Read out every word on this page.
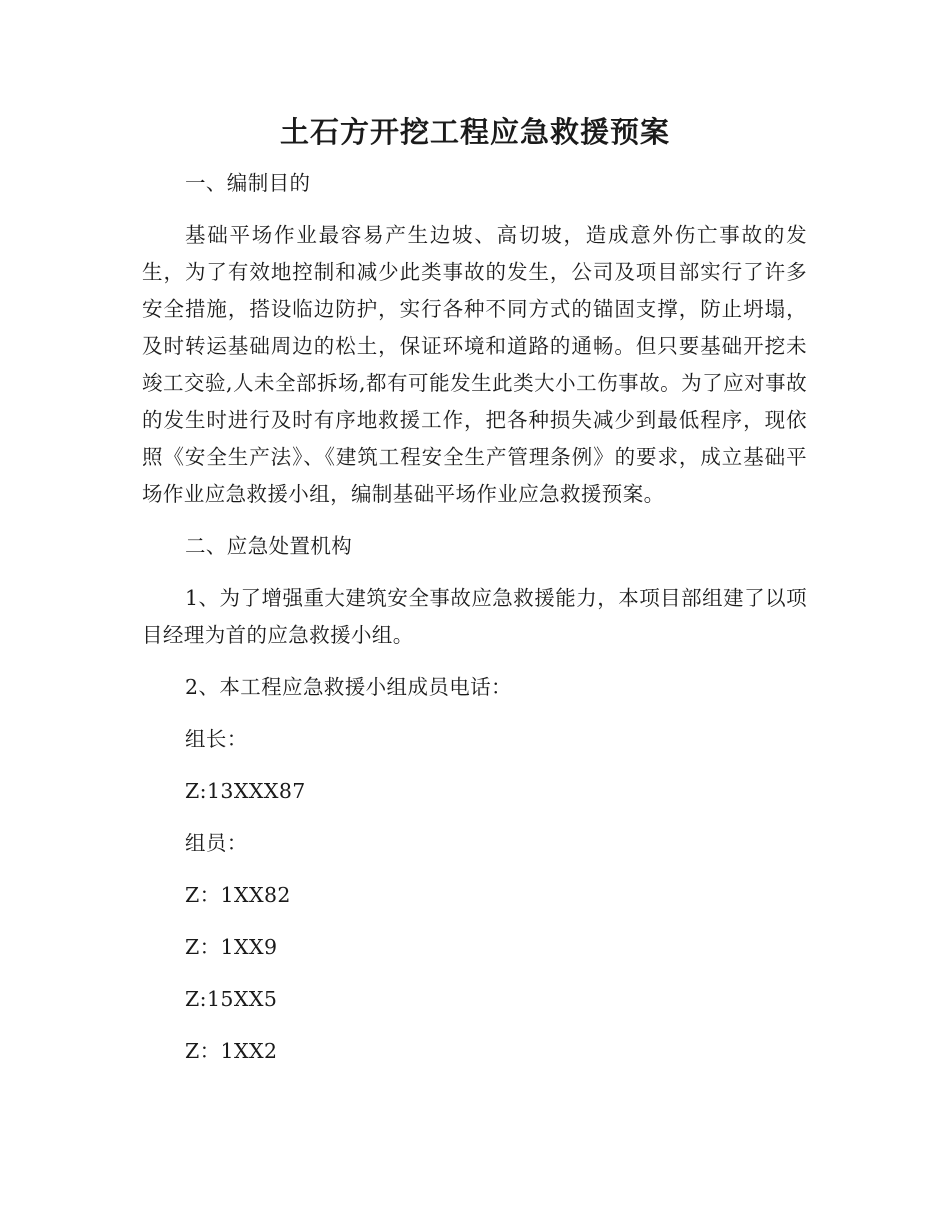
土石方开挖工程应急救援预案

一、编制目的

基础平场作业最容易产生边坡、高切坡，造成意外伤亡事故的发生，为了有效地控制和减少此类事故的发生，公司及项目部实行了许多安全措施，搭设临边防护，实行各种不同方式的锚固支撑，防止坍塌，及时转运基础周边的松土，保证环境和道路的通畅。但只要基础开挖未竣工交验,人未全部拆场,都有可能发生此类大小工伤事故。为了应对事故的发生时进行及时有序地救援工作，把各种损失减少到最低程序，现依照《安全生产法》、《建筑工程安全生产管理条例》的要求，成立基础平场作业应急救援小组，编制基础平场作业应急救援预案。

二、应急处置机构

1、为了增强重大建筑安全事故应急救援能力，本项目部组建了以项目经理为首的应急救援小组。

2、本工程应急救援小组成员电话：

组长：

Z:13XXX87

组员：

Z：1XX82

Z：1XX9

Z:15XX5

Z：1XX2
